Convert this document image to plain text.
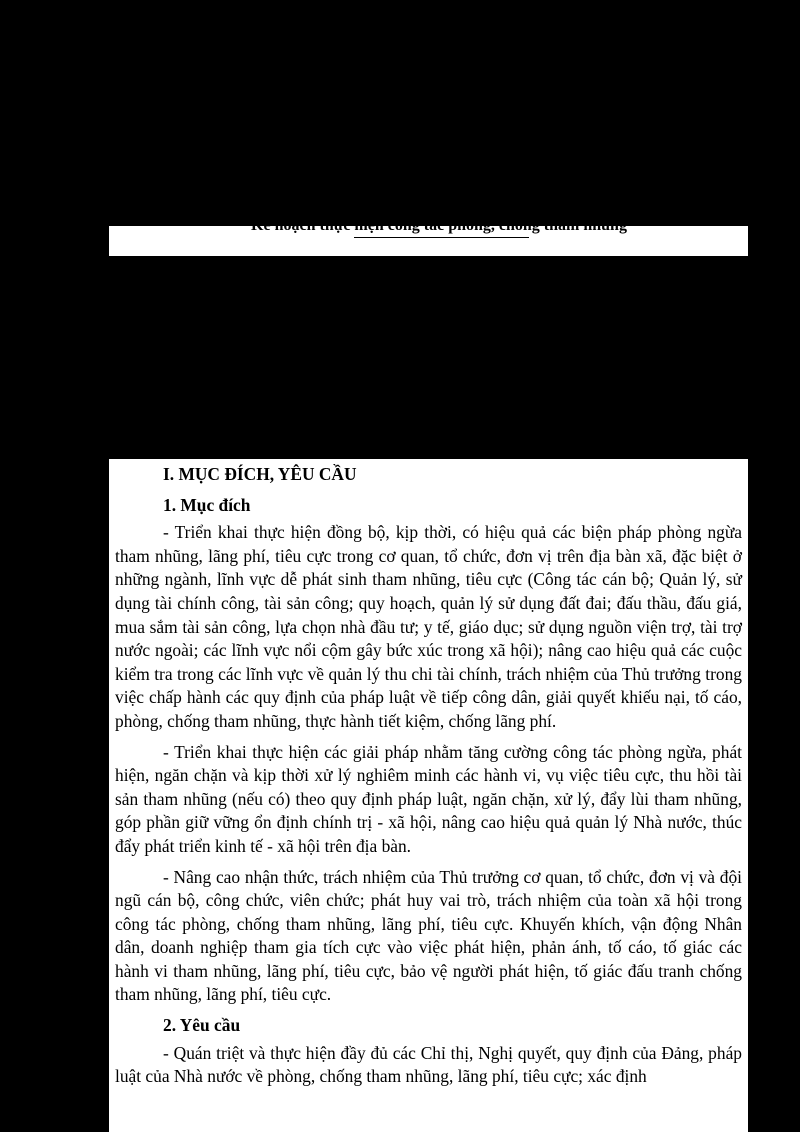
Kế hoạch thực hiện công tác phòng, chống tham nhũng
I. MỤC ĐÍCH, YÊU CẦU
1. Mục đích

- Triển khai thực hiện đồng bộ, kịp thời, có hiệu quả các biện pháp phòng ngừa tham nhũng, lãng phí, tiêu cực trong cơ quan, tổ chức, đơn vị trên địa bàn xã, đặc biệt ở những ngành, lĩnh vực dễ phát sinh tham nhũng, tiêu cực (Công tác cán bộ; Quản lý, sử dụng tài chính công, tài sản công; quy hoạch, quản lý sử dụng đất đai; đấu thầu, đấu giá, mua sắm tài sản công, lựa chọn nhà đầu tư; y tế, giáo dục; sử dụng nguồn viện trợ, tài trợ nước ngoài; các lĩnh vực nổi cộm gây bức xúc trong xã hội); nâng cao hiệu quả các cuộc kiểm tra trong các lĩnh vực về quản lý thu chi tài chính, trách nhiệm của Thủ trưởng trong việc chấp hành các quy định của pháp luật về tiếp công dân, giải quyết khiếu nại, tố cáo, phòng, chống tham nhũng, thực hành tiết kiệm, chống lãng phí.

- Triển khai thực hiện các giải pháp nhằm tăng cường công tác phòng ngừa, phát hiện, ngăn chặn và kịp thời xử lý nghiêm minh các hành vi, vụ việc tiêu cực, thu hồi tài sản tham nhũng (nếu có) theo quy định pháp luật, ngăn chặn, xử lý, đẩy lùi tham nhũng, góp phần giữ vững ổn định chính trị - xã hội, nâng cao hiệu quả quản lý Nhà nước, thúc đẩy phát triển kinh tế - xã hội trên địa bàn.

- Nâng cao nhận thức, trách nhiệm của Thủ trưởng cơ quan, tổ chức, đơn vị và đội ngũ cán bộ, công chức, viên chức; phát huy vai trò, trách nhiệm của toàn xã hội trong công tác phòng, chống tham nhũng, lãng phí, tiêu cực. Khuyến khích, vận động Nhân dân, doanh nghiệp tham gia tích cực vào việc phát hiện, phản ánh, tố cáo, tố giác các hành vi tham nhũng, lãng phí, tiêu cực, bảo vệ người phát hiện, tố giác đấu tranh chống tham nhũng, lãng phí, tiêu cực.

2. Yêu cầu

- Quán triệt và thực hiện đầy đủ các Chỉ thị, Nghị quyết, quy định của Đảng, pháp luật của Nhà nước về phòng, chống tham nhũng, lãng phí, tiêu cực; xác định
